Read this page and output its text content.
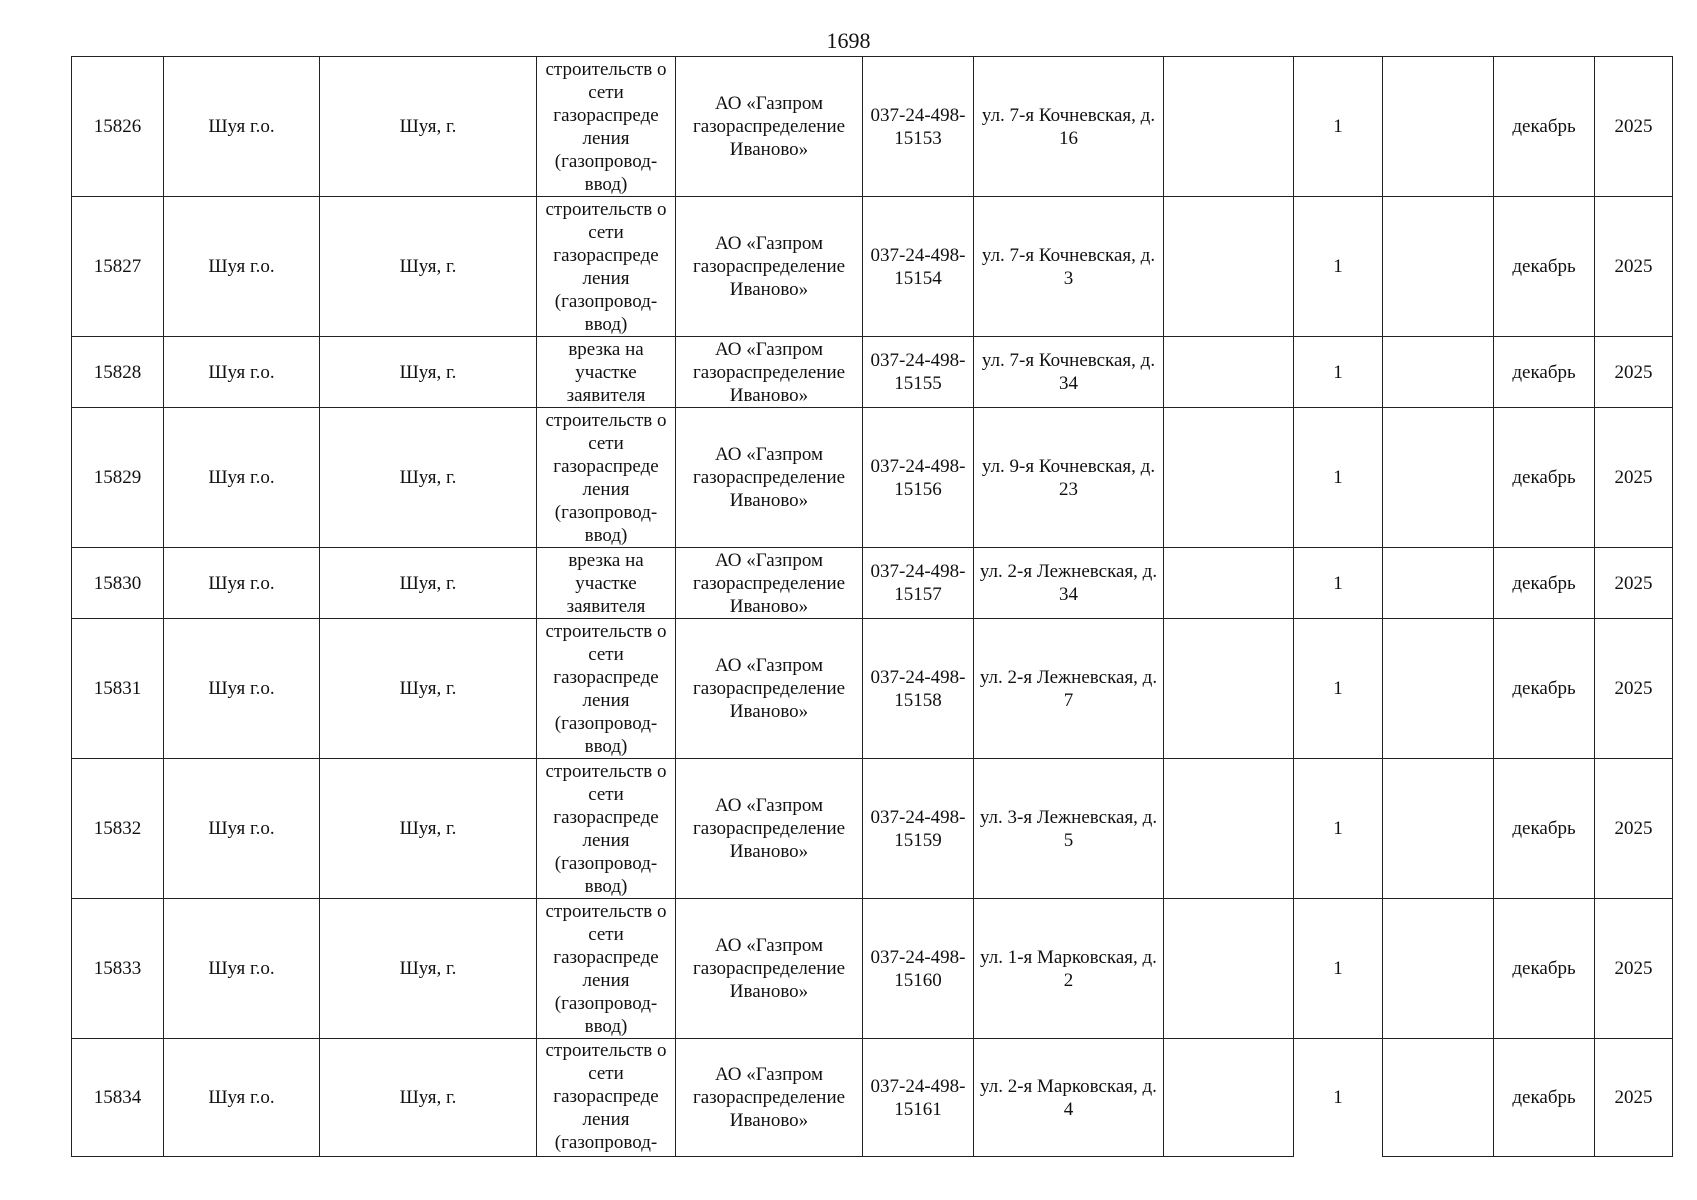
1698
15826	Шуя г.о.	Шуя, г.	строительств о сети газораспреде ления (газопровод-ввод)	АО «Газпром газораспределение Иваново»	037-24-498-15153	ул. 7-я Кочневская, д. 16		1		декабрь	2025
15827	Шуя г.о.	Шуя, г.	строительств о сети газораспреде ления (газопровод-ввод)	АО «Газпром газораспределение Иваново»	037-24-498-15154	ул. 7-я Кочневская, д. 3		1		декабрь	2025
15828	Шуя г.о.	Шуя, г.	врезка на участке заявителя	АО «Газпром газораспределение Иваново»	037-24-498-15155	ул. 7-я Кочневская, д. 34		1		декабрь	2025
15829	Шуя г.о.	Шуя, г.	строительств о сети газораспреде ления (газопровод-ввод)	АО «Газпром газораспределение Иваново»	037-24-498-15156	ул. 9-я Кочневская, д. 23		1		декабрь	2025
15830	Шуя г.о.	Шуя, г.	врезка на участке заявителя	АО «Газпром газораспределение Иваново»	037-24-498-15157	ул. 2-я Лежневская, д. 34		1		декабрь	2025
15831	Шуя г.о.	Шуя, г.	строительств о сети газораспреде ления (газопровод-ввод)	АО «Газпром газораспределение Иваново»	037-24-498-15158	ул. 2-я Лежневская, д. 7		1		декабрь	2025
15832	Шуя г.о.	Шуя, г.	строительств о сети газораспреде ления (газопровод-ввод)	АО «Газпром газораспределение Иваново»	037-24-498-15159	ул. 3-я Лежневская, д. 5		1		декабрь	2025
15833	Шуя г.о.	Шуя, г.	строительств о сети газораспреде ления (газопровод-ввод)	АО «Газпром газораспределение Иваново»	037-24-498-15160	ул. 1-я Марковская, д. 2		1		декабрь	2025
15834	Шуя г.о.	Шуя, г.	строительств о сети газораспреде ления (газопровод-	АО «Газпром газораспределение Иваново»	037-24-498-15161	ул. 2-я Марковская, д. 4		1		декабрь	2025
